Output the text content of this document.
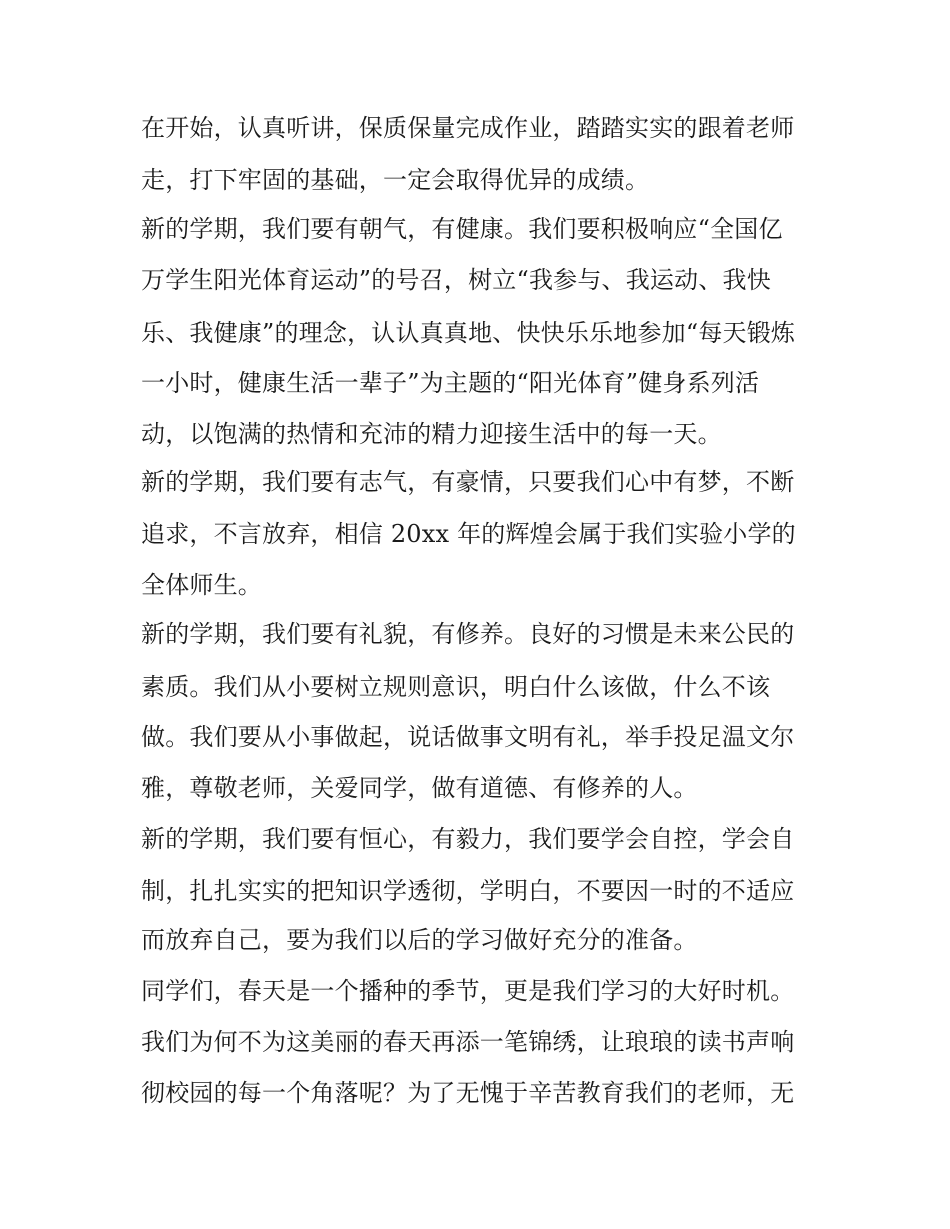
在开始，认真听讲，保质保量完成作业，踏踏实实的跟着老师
走，打下牢固的基础，一定会取得优异的成绩。
新的学期，我们要有朝气，有健康。我们要积极响应“全国亿
万学生阳光体育运动”的号召，树立“我参与、我运动、我快
乐、我健康”的理念，认认真真地、快快乐乐地参加“每天锻炼
一小时，健康生活一辈子”为主题的“阳光体育”健身系列活
动，以饱满的热情和充沛的精力迎接生活中的每一天。
新的学期，我们要有志气，有豪情，只要我们心中有梦，不断
追求，不言放弃，相信 20xx 年的辉煌会属于我们实验小学的
全体师生。
新的学期，我们要有礼貌，有修养。良好的习惯是未来公民的
素质。我们从小要树立规则意识，明白什么该做，什么不该
做。我们要从小事做起，说话做事文明有礼，举手投足温文尔
雅，尊敬老师，关爱同学，做有道德、有修养的人。
新的学期，我们要有恒心，有毅力，我们要学会自控，学会自
制，扎扎实实的把知识学透彻，学明白，不要因一时的不适应
而放弃自己，要为我们以后的学习做好充分的准备。
同学们，春天是一个播种的季节，更是我们学习的大好时机。
我们为何不为这美丽的春天再添一笔锦绣，让琅琅的读书声响
彻校园的每一个角落呢？为了无愧于辛苦教育我们的老师，无
